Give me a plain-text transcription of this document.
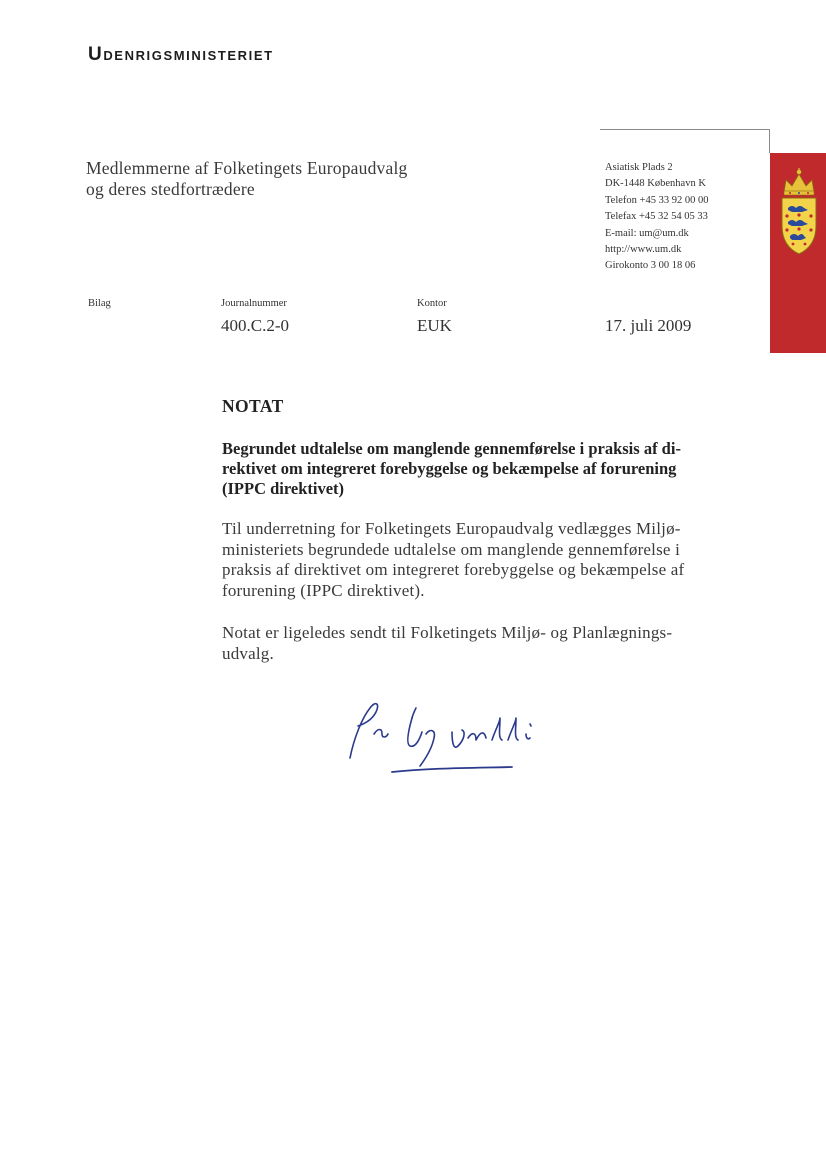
Udenrigsministeriet
Medlemmerne af Folketingets Europaudvalg
og deres stedfortrædere
Asiatisk Plads 2
DK-1448 København K
Telefon +45 33 92 00 00
Telefax +45 32 54 05 33
E-mail: um@um.dk
http://www.um.dk
Girokonto 3 00 18 06
Bilag	Journalnummer
400.C.2-0
Kontor
EUK	17. juli 2009
NOTAT
Begrundet udtalelse om manglende gennemførelse i praksis af di-
rektivet om integreret forebyggelse og bekæmpelse af forurening
(IPPC direktivet)
Til underretning for Folketingets Europaudvalg vedlægges Miljø-
ministeriets begrundede udtalelse om manglende gennemførelse i
praksis af direktivet om integreret forebyggelse og bekæmpelse af
forurening (IPPC direktivet).
Notat er ligeledes sendt til Folketingets Miljø- og Planlægnings-
udvalg.
